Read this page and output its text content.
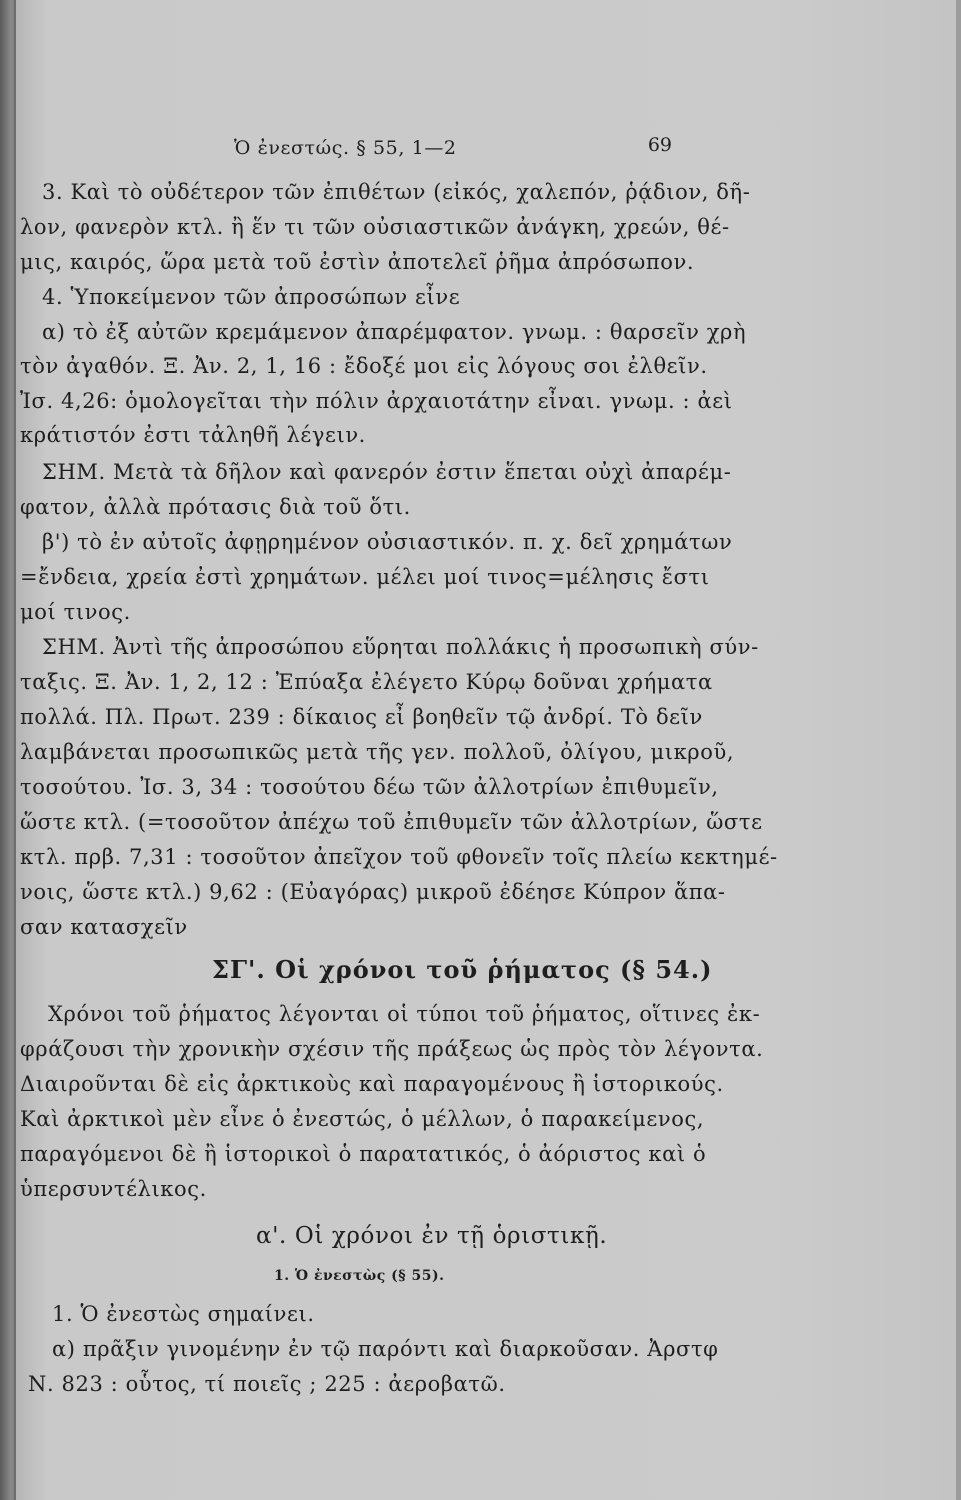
Ὁ ἐνεστώς. § 55, 1—2	69
3. Καὶ τὸ οὐδέτερον τῶν ἐπιθέτων (εἰκός, χαλεπόν, ῥᾴδιον, δῆ-
λον, φανερὸν κτλ. ἢ ἕν τι τῶν οὐσιαστικῶν ἀνάγκη, χρεών, θέ-
μις, καιρός, ὥρα μετὰ τοῦ ἐστὶν ἀποτελεῖ ῥῆμα ἀπρόσωπον.
4. Ὑποκείμενον τῶν ἀπροσώπων εἶνε
α) τὸ ἐξ αὐτῶν κρεμάμενον ἀπαρέμφατον. γνωμ. : θαρσεῖν χρὴ
τὸν ἀγαθόν. Ξ. Ἀν. 2, 1, 16 : ἔδοξέ μοι εἰς λόγους σοι ἐλθεῖν.
Ἰσ. 4,26: ὁμολογεῖται τὴν πόλιν ἀρχαιοτάτην εἶναι. γνωμ. : ἀεὶ
κράτιστόν ἐστι τἀληθῆ λέγειν.
ΣΗΜ. Μετὰ τὰ δῆλον καὶ φανερόν ἐστιν ἕπεται οὐχὶ ἀπαρέμ-
φατον, ἀλλὰ πρότασις διὰ τοῦ ὅτι.
β') τὸ ἐν αὐτοῖς ἀφῃρημένον οὐσιαστικόν. π. χ. δεῖ χρημάτων
=ἔνδεια, χρεία ἐστὶ χρημάτων. μέλει μοί τινος=μέλησις ἔστι
μοί τινος.
ΣΗΜ. Ἀντὶ τῆς ἀπροσώπου εὕρηται πολλάκις ἡ προσωπικὴ σύν-
ταξις. Ξ. Ἀν. 1, 2, 12 : Ἐπύαξα ἐλέγετο Κύρῳ δοῦναι χρήματα
πολλά. Πλ. Πρωτ. 239 : δίκαιος εἶ βοηθεῖν τῷ ἀνδρί. Τὸ δεῖν
λαμβάνεται προσωπικῶς μετὰ τῆς γεν. πολλοῦ, ὀλίγου, μικροῦ,
τοσούτου. Ἰσ. 3, 34 : τοσούτου δέω τῶν ἀλλοτρίων ἐπιθυμεῖν,
ὥστε κτλ. (=τοσοῦτον ἀπέχω τοῦ ἐπιθυμεῖν τῶν ἀλλοτρίων, ὥστε
κτλ. πρβ. 7,31 : τοσοῦτον ἀπεῖχον τοῦ φθονεῖν τοῖς πλείω κεκτημέ-
νοις, ὥστε κτλ.) 9,62 : (Εὐαγόρας) μικροῦ ἐδέησε Κύπρον ἅπα-
σαν κατασχεῖν
ΣΓ'. Οἱ χρόνοι τοῦ ῥήματος (§ 54.)
Χρόνοι τοῦ ῥήματος λέγονται οἱ τύποι τοῦ ῥήματος, οἵτινες ἐκ-
φράζουσι τὴν χρονικὴν σχέσιν τῆς πράξεως ὡς πρὸς τὸν λέγοντα.
Διαιροῦνται δὲ εἰς ἀρκτικοὺς καὶ παραγομένους ἢ ἱστορικούς.
Καὶ ἀρκτικοὶ μὲν εἶνε ὁ ἐνεστώς, ὁ μέλλων, ὁ παρακείμενος,
παραγόμενοι δὲ ἢ ἱστορικοὶ ὁ παρατατικός, ὁ ἀόριστος καὶ ὁ
ὑπερσυντέλικος.
α'. Οἱ χρόνοι ἐν τῇ ὁριστικῇ.
1. Ὁ ἐνεστὼς (§ 55).
1. Ὁ ἐνεστὼς σημαίνει.
α) πρᾶξιν γινομένην ἐν τῷ παρόντι καὶ διαρκοῦσαν. Ἀρστφ
Ν. 823 : οὗτος, τί ποιεῖς ; 225 : ἀεροβατῶ.
